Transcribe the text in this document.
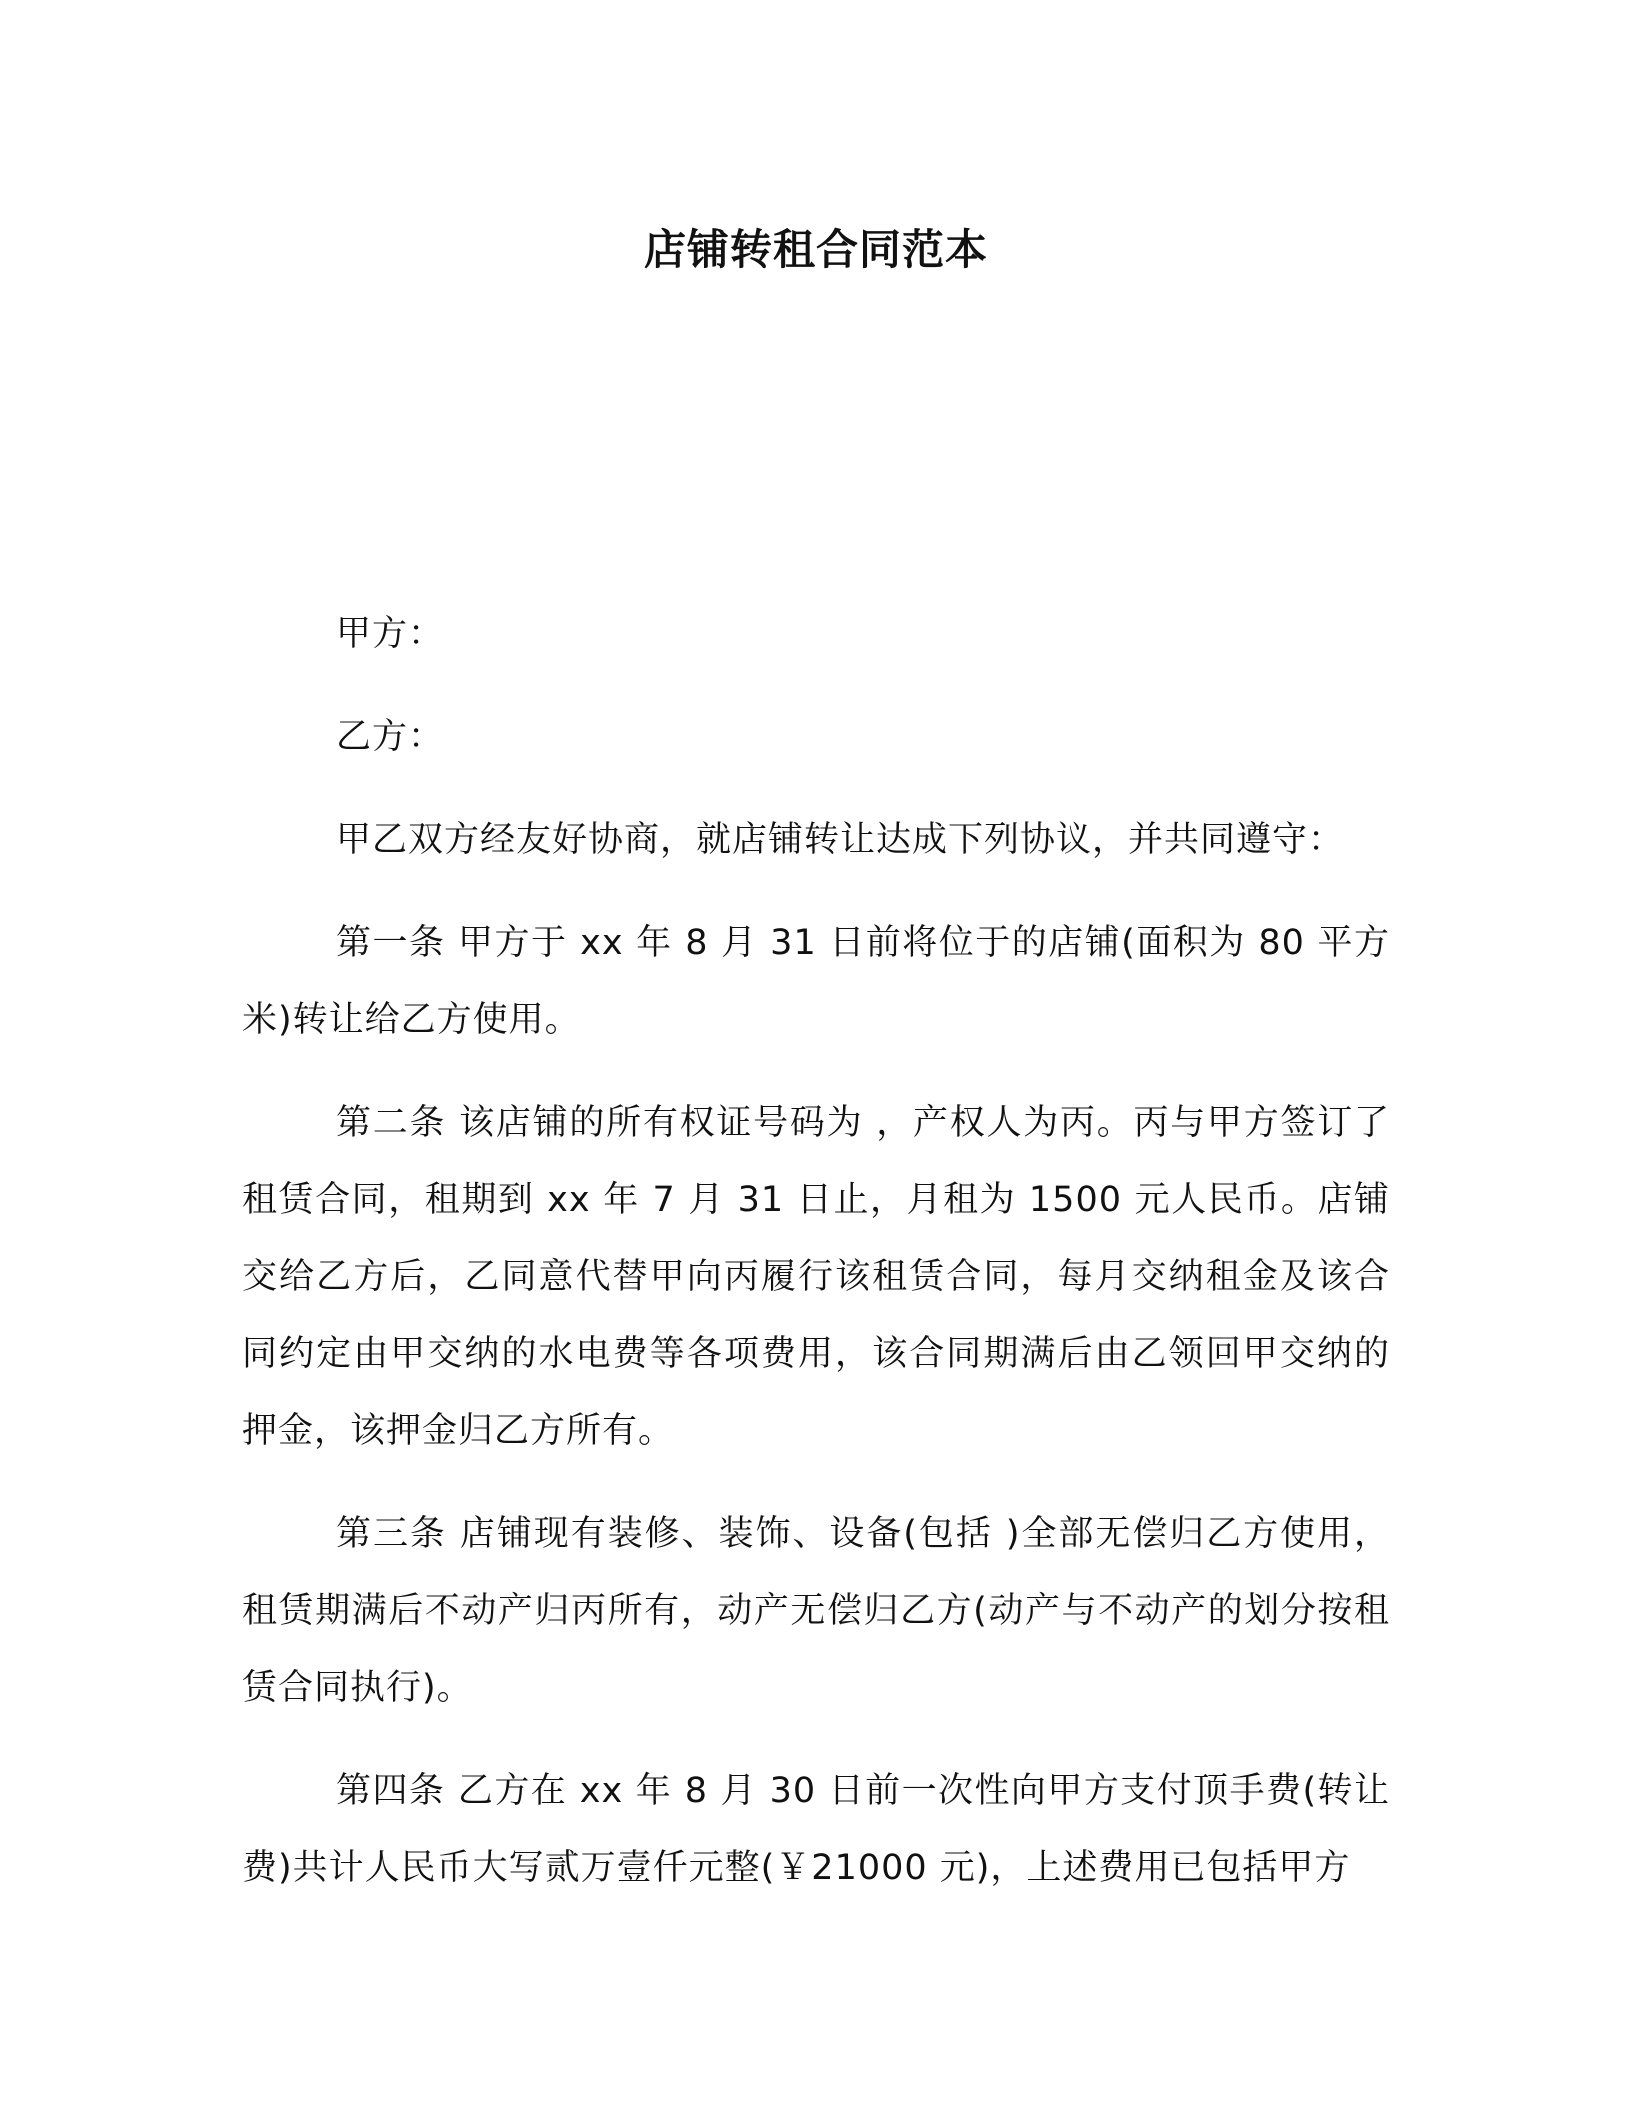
店铺转租合同范本

甲方：

乙方：

甲乙双方经友好协商，就店铺转让达成下列协议，并共同遵守：

第一条 甲方于 xx 年 8 月 31 日前将位于的店铺(面积为 80 平方米)转让给乙方使用。

第二条 该店铺的所有权证号码为 ，产权人为丙。丙与甲方签订了租赁合同，租期到 xx 年 7 月 31 日止，月租为 1500 元人民币。店铺交给乙方后，乙同意代替甲向丙履行该租赁合同，每月交纳租金及该合同约定由甲交纳的水电费等各项费用，该合同期满后由乙领回甲交纳的押金，该押金归乙方所有。

第三条 店铺现有装修、装饰、设备(包括 )全部无偿归乙方使用，租赁期满后不动产归丙所有，动产无偿归乙方(动产与不动产的划分按租赁合同执行)。

第四条 乙方在 xx 年 8 月 30 日前一次性向甲方支付顶手费(转让费)共计人民币大写贰万壹仟元整(￥21000 元)，上述费用已包括甲方
